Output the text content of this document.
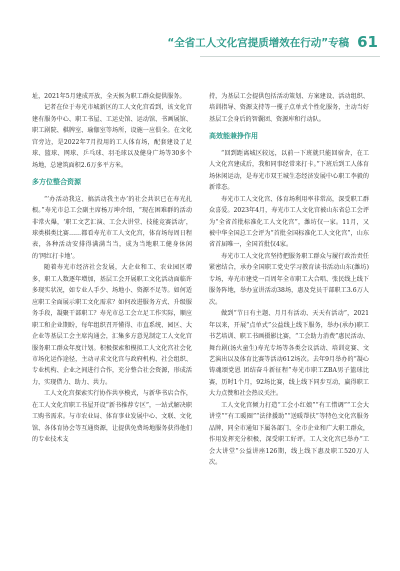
“全省工人文化宫提质增效在行动”专稿 61

址，2021年5月建成开放，全天候为职工群众提供服务。

记者在位于寿光市城新区的工人文化宫看到，该文化宫建有服务中心、职工书屋、工运史馆、运动馆、书画展馆、职工剧院、棋牌室、瑜伽室等场所，设施一应俱全。在文化宫旁边，是2022年7月投用的工人体育场，配套建设了足球、篮球、网球、乒乓球、羽毛球以及健身广场等30多个场地，总建筑面积2.6万多平方米。

多方位整合资源

“‘办活动我这、搞活动我主办’的社会共识已在寿光扎根。”寿光市总工会副主席杨万坤介绍，“现在困难群的活动非常火爆，‘职工文艺汇演、工会大讲堂、技能竞赛活动’，球类棋类比赛……都看寿光市工人文化宫，体育场每周日程表，各种活动安排得满满当当，成为当地职工健身休闲的‘网红打卡地’。

随着寿光市经济社会发展，大企业和工、农业园区增多，职工人数逐年增加，基层工会开展职工文化活动面临许多现实状况，如专业人手少、场地小、资源不足等。如何适应职工全面展示职工文化需求？如何改进服务方式、升级服务手段，凝聚干部职工？寿光市总工会立足工作实际，顺应职工和企业期盼，每年组织召开懂得、市直系统、园区、大企业等基层工会主席沟通会，汇集多方意见制定工人文化宫服务职工群众年度计划。积极探索和模拟工人文化宫社会化市场化运作途径，主动寻求文化宫与政府机构、社会组织、专业机构、企业之间进行合作，充分整合社会资源，形成活力，实现借力、助力、共力。

工人文化宫探索实行协作共享模式，与新华书店合作，在工人文化宫职工书屋开设“新书推荐专区”，一站式解决职工购书需求。与市农业局、体育事业发展中心、文联、文化馆、各体育协会等互通资源，让提供免费场地服务获得他们的专业技术支

持，为基层工会提供包括活动策划、方案建设、活动组织、培训指导、资源支持等一揽子点单式个性化服务，主动当好基层工会身后的智囊团、资源库和行动队。

高效能兼挣作用

“回到距离城区较远，以前一下班就只能回宿舍，在工人文化宫建成后，我和同事经常来打卡。”下班后到工人体育场休闲运动，是寿光市双王城生态经济发展中心职工李毅的新常态。

寿光市工人文化宫、体育场利用率非常高，深受职工群众喜爱。2023年4月，寿光市工人文化宫被山东省总工会评为“全省首批标准化工人文化宫”，潍坊仅一家。11月，又被中华全国总工会评为“首批全国标准化工人文化宫”，山东省首届唯一，全国首批仅4家。

寿光市工人文化宫坚持把服务职工群众与履行政治责任紧密结合，承办全国职工党史学习教育读书活动山东(潍坊)专场，寿光市建党一百周年全市职工大合唱、张民线上线下服务阵地，举办宣讲活动38场，惠及党员干部职工3.6万人次。

做到“节日有主题、月月有活动、天天有活动”，2021年以来，开展“点单式”公益线上线下服务，举办(承办)职工书艺培训、职工书画摄影比赛，“工会助力消费”惠民活动、舞台剧(汤火童生)寿光专场等各类会议活动、培训竞赛、文艺演出以及体育比赛等活动612场次。去年9月举办的“凝心铸魂颂党恩 团结奋斗新征程”寿光市职工ZBA男子篮球比赛，历时1个月，92场比赛，线上线下同步互动，赢得职工大力点赞和社会热议关注。

工人文化宫倾力打造“工会小红娘”“有工惜调”“工会大讲堂”“有工暖圈”“法律援助”“送暖帮扶”等特色文化宫服务品牌，同全市通知下属各部门、全市企业和广大职工群众，作用发挥充分积极，深受职工好评。工人文化宫已举办“工会大讲堂”公益讲座126期，线上线下惠及职工520万人次。
